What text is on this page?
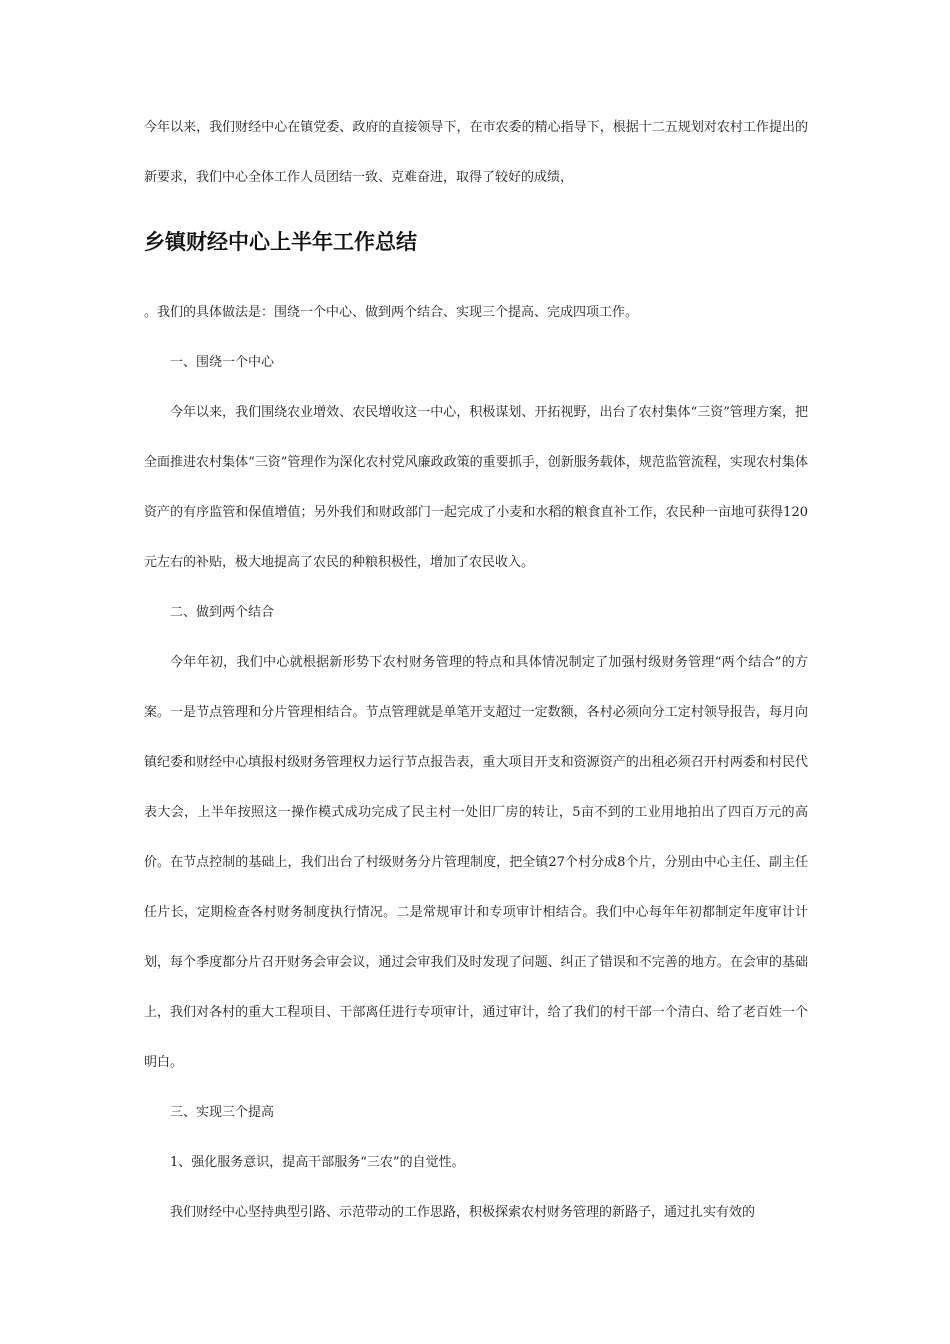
今年以来，我们财经中心在镇党委、政府的直接领导下，在市农委的精心指导下，根据十二五规划对农村工作提出的新要求，我们中心全体工作人员团结一致、克难奋进，取得了较好的成绩，

乡镇财经中心上半年工作总结

。我们的具体做法是：围绕一个中心、做到两个结合、实现三个提高、完成四项工作。

一、围绕一个中心

今年以来，我们围绕农业增效、农民增收这一中心，积极谋划、开拓视野，出台了农村集体“三资”管理方案，把全面推进农村集体“三资”管理作为深化农村党风廉政政策的重要抓手，创新服务载体，规范监管流程，实现农村集体资产的有序监管和保值增值；另外我们和财政部门一起完成了小麦和水稻的粮食直补工作，农民种一亩地可获得120元左右的补贴，极大地提高了农民的种粮积极性，增加了农民收入。

二、做到两个结合

今年年初，我们中心就根据新形势下农村财务管理的特点和具体情况制定了加强村级财务管理“两个结合”的方案。一是节点管理和分片管理相结合。节点管理就是单笔开支超过一定数额，各村必须向分工定村领导报告，每月向镇纪委和财经中心填报村级财务管理权力运行节点报告表，重大项目开支和资源资产的出租必须召开村两委和村民代表大会，上半年按照这一操作模式成功完成了民主村一处旧厂房的转让，5亩不到的工业用地拍出了四百万元的高价。在节点控制的基础上，我们出台了村级财务分片管理制度，把全镇27个村分成8个片，分别由中心主任、副主任任片长，定期检查各村财务制度执行情况。二是常规审计和专项审计相结合。我们中心每年年初都制定年度审计计划，每个季度都分片召开财务会审会议，通过会审我们及时发现了问题、纠正了错误和不完善的地方。在会审的基础上，我们对各村的重大工程项目、干部离任进行专项审计，通过审计，给了我们的村干部一个清白、给了老百姓一个明白。

三、实现三个提高

1、强化服务意识，提高干部服务“三农”的自觉性。

我们财经中心坚持典型引路、示范带动的工作思路，积极探索农村财务管理的新路子，通过扎实有效的
